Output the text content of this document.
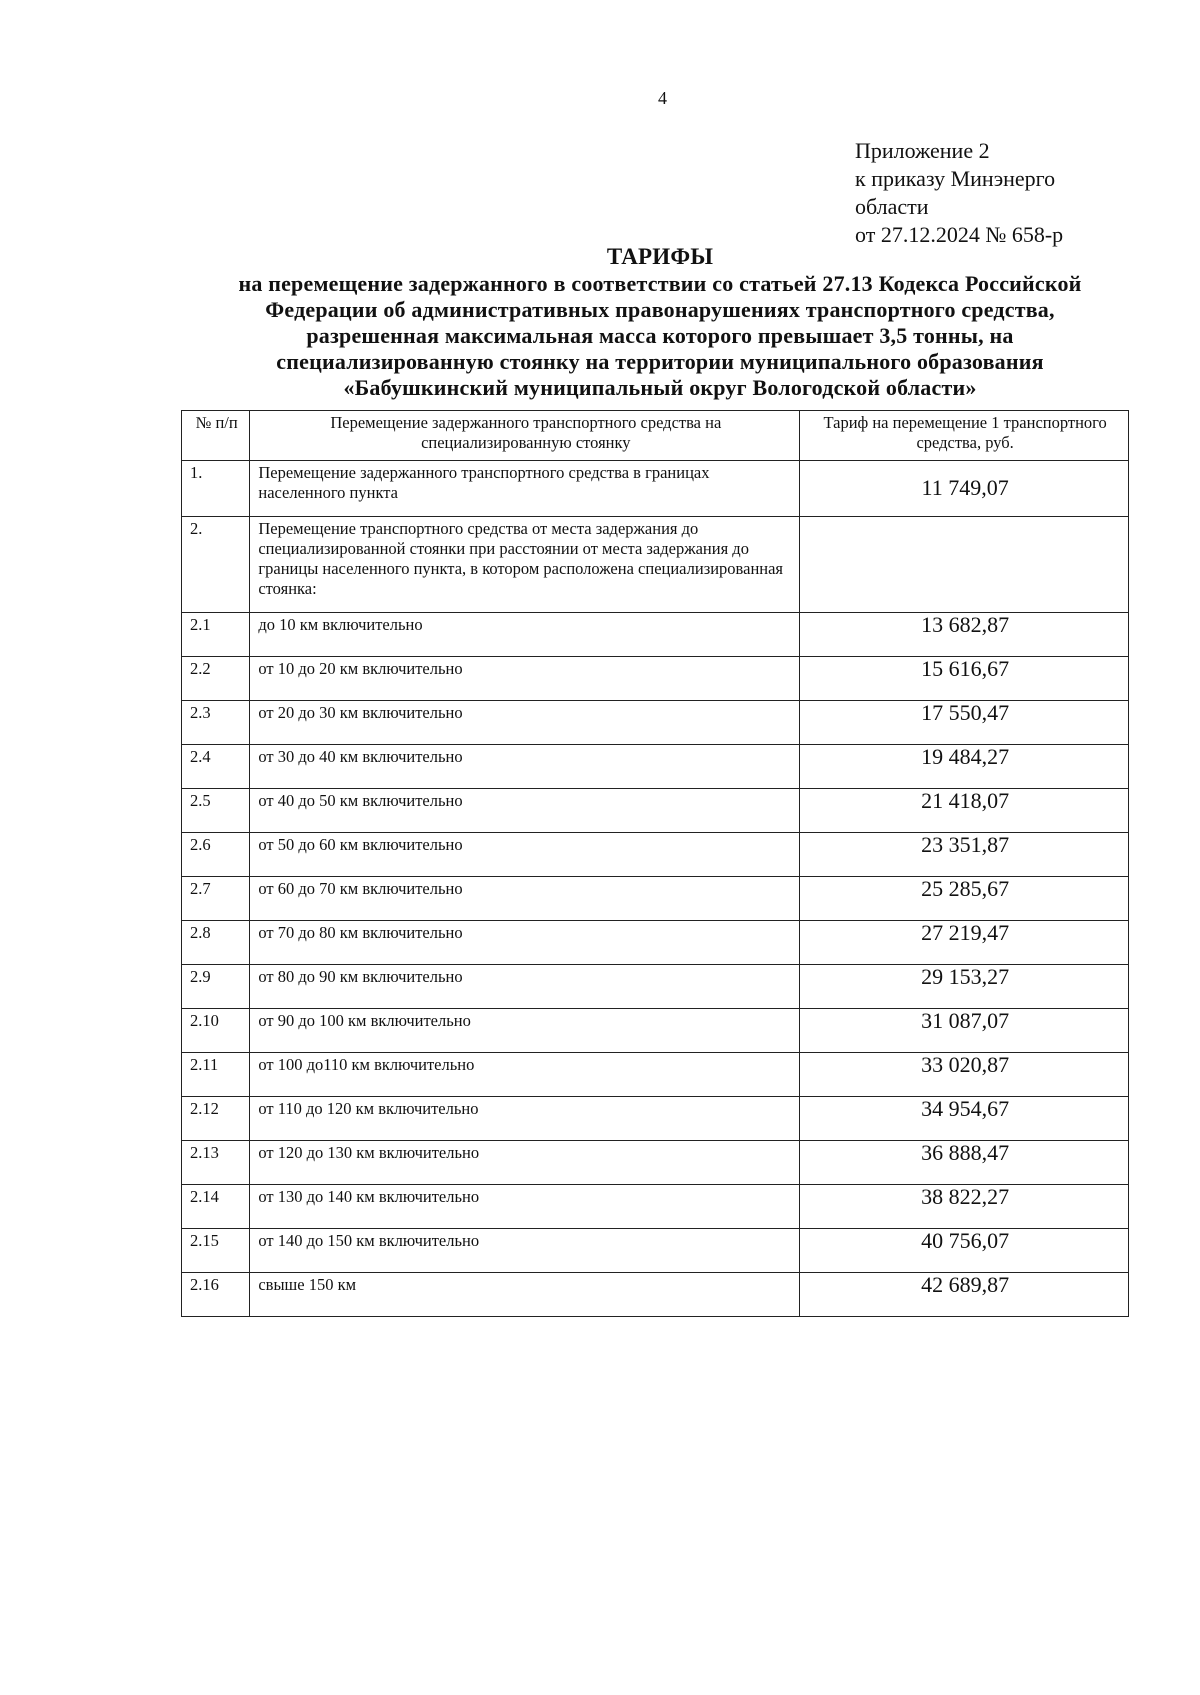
4
Приложение 2
к приказу Минэнерго
области
от 27.12.2024 № 658-р
ТАРИФЫ
на перемещение задержанного в соответствии со статьей 27.13 Кодекса Российской
Федерации об административных правонарушениях транспортного средства,
разрешенная максимальная масса которого превышает 3,5 тонны, на
специализированную стоянку на территории муниципального образования
«Бабушкинский муниципальный округ Вологодской области»
№ п/п	Перемещение задержанного транспортного средства на специализированную стоянку	Тариф на перемещение 1 транспортного средства, руб.
1.	Перемещение задержанного транспортного средства в границах населенного пункта	11 749,07
2.	Перемещение транспортного средства от места задержания до специализированной стоянки при расстоянии от места задержания до границы населенного пункта, в котором расположена специализированная стоянка:	
2.1	до 10 км включительно	13 682,87
2.2	от 10 до 20 км включительно	15 616,67
2.3	от 20 до 30 км включительно	17 550,47
2.4	от 30 до 40 км включительно	19 484,27
2.5	от 40 до 50 км включительно	21 418,07
2.6	от 50 до 60 км включительно	23 351,87
2.7	от 60 до 70 км включительно	25 285,67
2.8	от 70 до 80 км включительно	27 219,47
2.9	от 80 до 90 км включительно	29 153,27
2.10	от 90 до 100 км включительно	31 087,07
2.11	от 100 до110 км включительно	33 020,87
2.12	от 110 до 120 км включительно	34 954,67
2.13	от 120 до 130 км включительно	36 888,47
2.14	от 130 до 140 км включительно	38 822,27
2.15	от 140 до 150 км включительно	40 756,07
2.16	свыше 150 км	42 689,87
